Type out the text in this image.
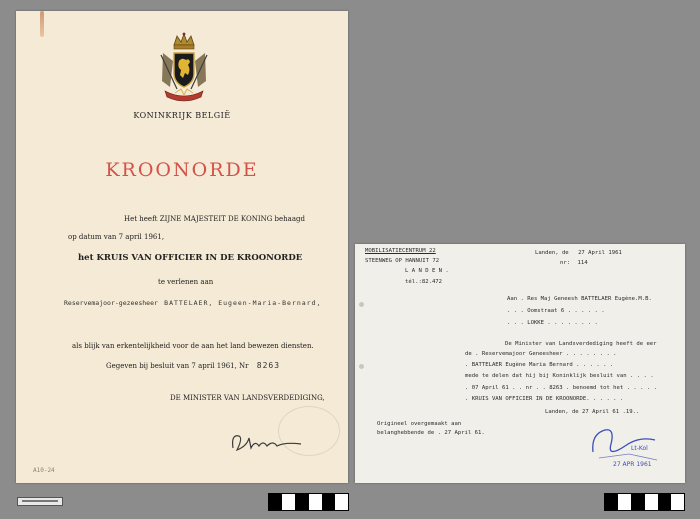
KONINKRIJK BELGIË
KROONORDE
Het heeft ZIJNE MAJESTEIT DE KONING behaagd
op datum van 7 april 1961,
het KRUIS VAN OFFICIER IN DE KROONORDE
te verlenen aan
Reservemajoor-gezeesheer BATTELAER, Eugeen-Maria-Bernard,
als blijk van erkentelijkheid voor de aan het land bewezen diensten.
Gegeven bij besluit van 7 april 1961, Nr 8263
DE MINISTER VAN LANDSVERDEDIGING,
A10-24
MOBILISATIECENTRUM 22
STEENWEG OP HANNUIT 72
L A N D E N .
tél.:82.472
Landen, de 27 April 1961
nr: 114
Aan . Res Maj Geneesh BATTELAER Eugène.M.B.
. . . Oomstraat 6 . . . . . .
. . . LOKKE . . . . . . . .
De Minister van Landsverdediging heeft de eer
de . Reservemajoor Geneesheer . . . . . . . .
. BATTELAER Eugène Maria Bernard . . . . . .
mede te delen dat hij bij Koninklijk besluit van . . . .
. 07 April 61 . . nr . . 8263 . benoemd tot het . . . . .
. KRUIS VAN OFFICIER IN DE KROONORDE. . . . . .
Landen, de 27 April 61 .19..
Origineel overgemaakt aan
belanghebbende de . 27 April 61.
Lt-Kol
27 APR 1961
